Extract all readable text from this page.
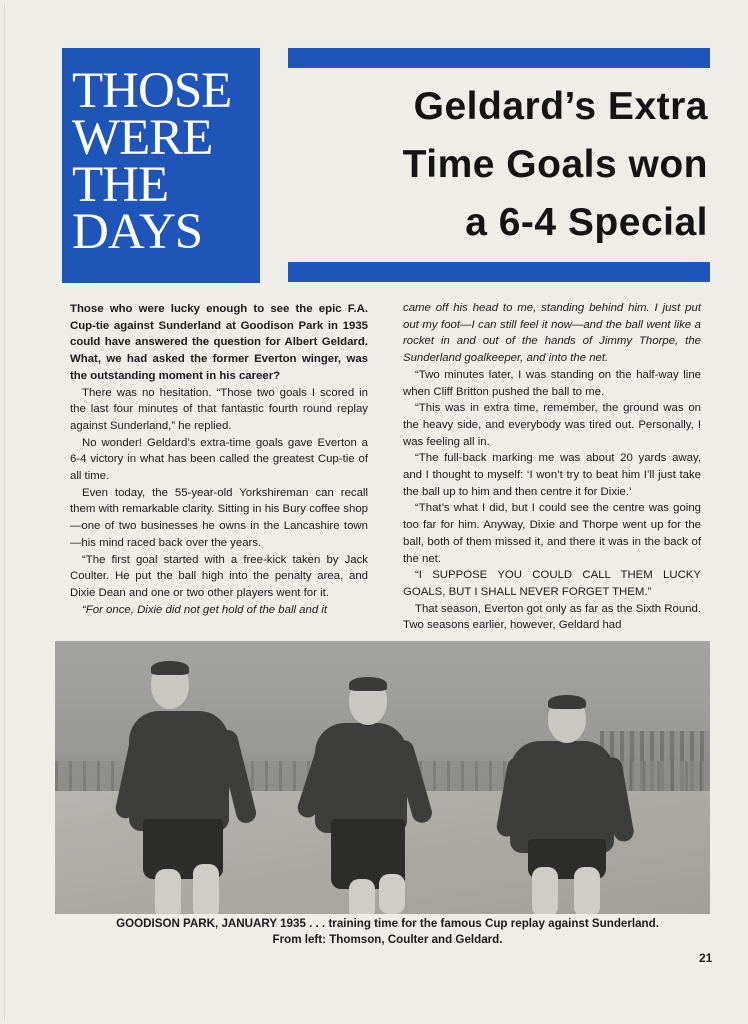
THOSE
WERE
THE
DAYS
Geldard’s Extra
Time Goals won
a 6-4 Special

Those who were lucky enough to see the epic F.A. Cup-tie against Sunderland at Goodison Park in 1935 could have answered the question for Albert Geldard. What, we had asked the former Everton winger, was the outstanding moment in his career?

There was no hesitation. “Those two goals I scored in the last four minutes of that fantastic fourth round replay against Sunderland,” he replied.

No wonder! Geldard’s extra-time goals gave Everton a 6-4 victory in what has been called the greatest Cup-tie of all time.

Even today, the 55-year-old Yorkshireman can recall them with remarkable clarity. Sitting in his Bury coffee shop—one of two businesses he owns in the Lancashire town—his mind raced back over the years.

“The first goal started with a free-kick taken by Jack Coulter. He put the ball high into the penalty area, and Dixie Dean and one or two other players went for it.

“For once, Dixie did not get hold of the ball and it

came off his head to me, standing behind him. I just put out my foot—I can still feel it now—and the ball went like a rocket in and out of the hands of Jimmy Thorpe, the Sunderland goalkeeper, and into the net.

“Two minutes later, I was standing on the half-way line when Cliff Britton pushed the ball to me.

“This was in extra time, remember, the ground was on the heavy side, and everybody was tired out. Personally, I was feeling all in.

“The full-back marking me was about 20 yards away, and I thought to myself: ‘I won’t try to beat him I’ll just take the ball up to him and then centre it for Dixie.’

“That’s what I did, but I could see the centre was going too far for him. Anyway, Dixie and Thorpe went up for the ball, both of them missed it, and there it was in the back of the net.

“I SUPPOSE YOU COULD CALL THEM LUCKY GOALS, BUT I SHALL NEVER FORGET THEM.”

That season, Everton got only as far as the Sixth Round. Two seasons earlier, however, Geldard had

GOODISON PARK, JANUARY 1935 . . . training time for the famous Cup replay against Sunderland.
From left: Thomson, Coulter and Geldard.
21
